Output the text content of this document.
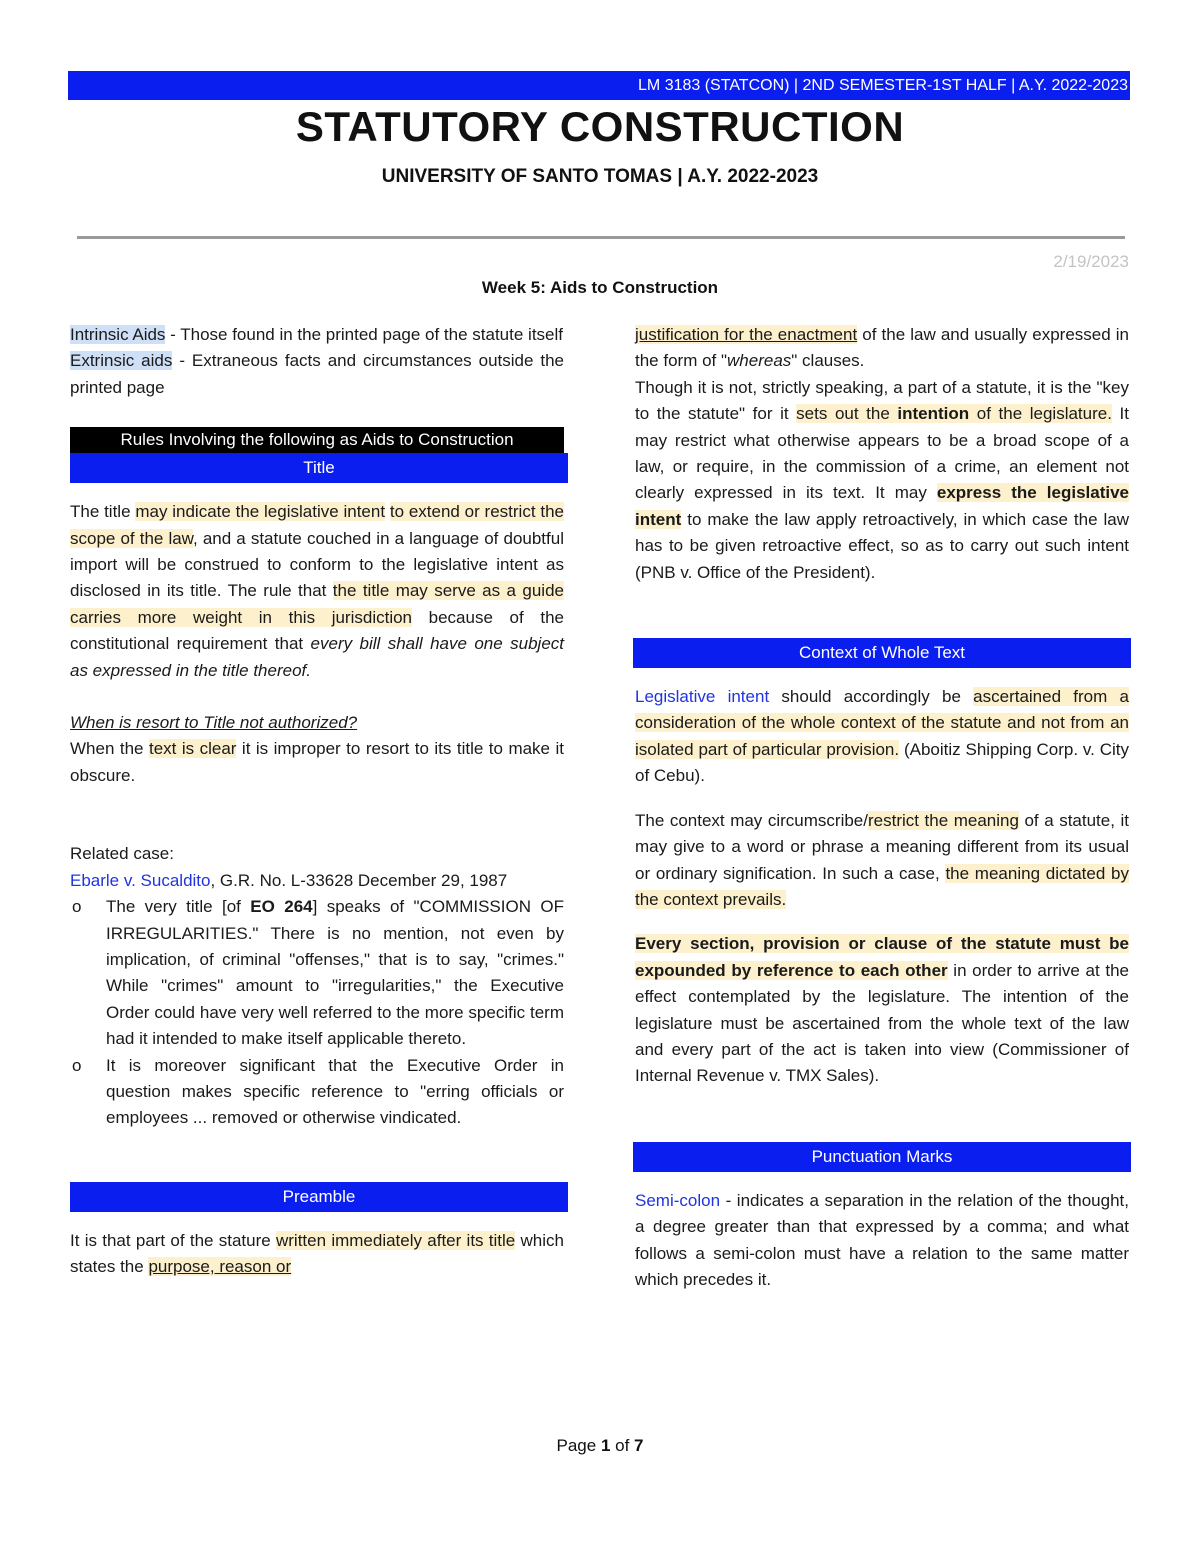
LM 3183 (STATCON) | 2ND SEMESTER-1ST HALF | A.Y. 2022-2023
STATUTORY CONSTRUCTION
UNIVERSITY OF SANTO TOMAS | A.Y. 2022-2023
2/19/2023
Week 5: Aids to Construction

Intrinsic Aids - Those found in the printed page of the statute itself

Extrinsic aids - Extraneous facts and circumstances outside the printed page

Rules Involving the following as Aids to Construction
Title

The title may indicate the legislative intent to extend or restrict the scope of the law, and a statute couched in a language of doubtful import will be construed to conform to the legislative intent as disclosed in its title. The rule that the title may serve as a guide carries more weight in this jurisdiction because of the constitutional requirement that every bill shall have one subject as expressed in the title thereof.

When is resort to Title not authorized?

When the text is clear it is improper to resort to its title to make it obscure.

Related case:

Ebarle v. Sucaldito, G.R. No. L-33628 December 29, 1987

o The very title [of EO 264] speaks of "COMMISSION OF IRREGULARITIES." There is no mention, not even by implication, of criminal "offenses," that is to say, "crimes." While "crimes" amount to "irregularities," the Executive Order could have very well referred to the more specific term had it intended to make itself applicable thereto.
o It is moreover significant that the Executive Order in question makes specific reference to "erring officials or employees ... removed or otherwise vindicated.
Preamble

It is that part of the stature written immediately after its title which states the purpose, reason or

justification for the enactment of the law and usually expressed in the form of "whereas" clauses.

Though it is not, strictly speaking, a part of a statute, it is the "key to the statute" for it sets out the intention of the legislature. It may restrict what otherwise appears to be a broad scope of a law, or require, in the commission of a crime, an element not clearly expressed in its text. It may express the legislative intent to make the law apply retroactively, in which case the law has to be given retroactive effect, so as to carry out such intent (PNB v. Office of the President).

Context of Whole Text

Legislative intent should accordingly be ascertained from a consideration of the whole context of the statute and not from an isolated part of particular provision. (Aboitiz Shipping Corp. v. City of Cebu).

The context may circumscribe/restrict the meaning of a statute, it may give to a word or phrase a meaning different from its usual or ordinary signification. In such a case, the meaning dictated by the context prevails.

Every section, provision or clause of the statute must be expounded by reference to each other in order to arrive at the effect contemplated by the legislature. The intention of the legislature must be ascertained from the whole text of the law and every part of the act is taken into view (Commissioner of Internal Revenue v. TMX Sales).

Punctuation Marks

Semi-colon - indicates a separation in the relation of the thought, a degree greater than that expressed by a comma; and what follows a semi-colon must have a relation to the same matter which precedes it.

Page 1 of 7
